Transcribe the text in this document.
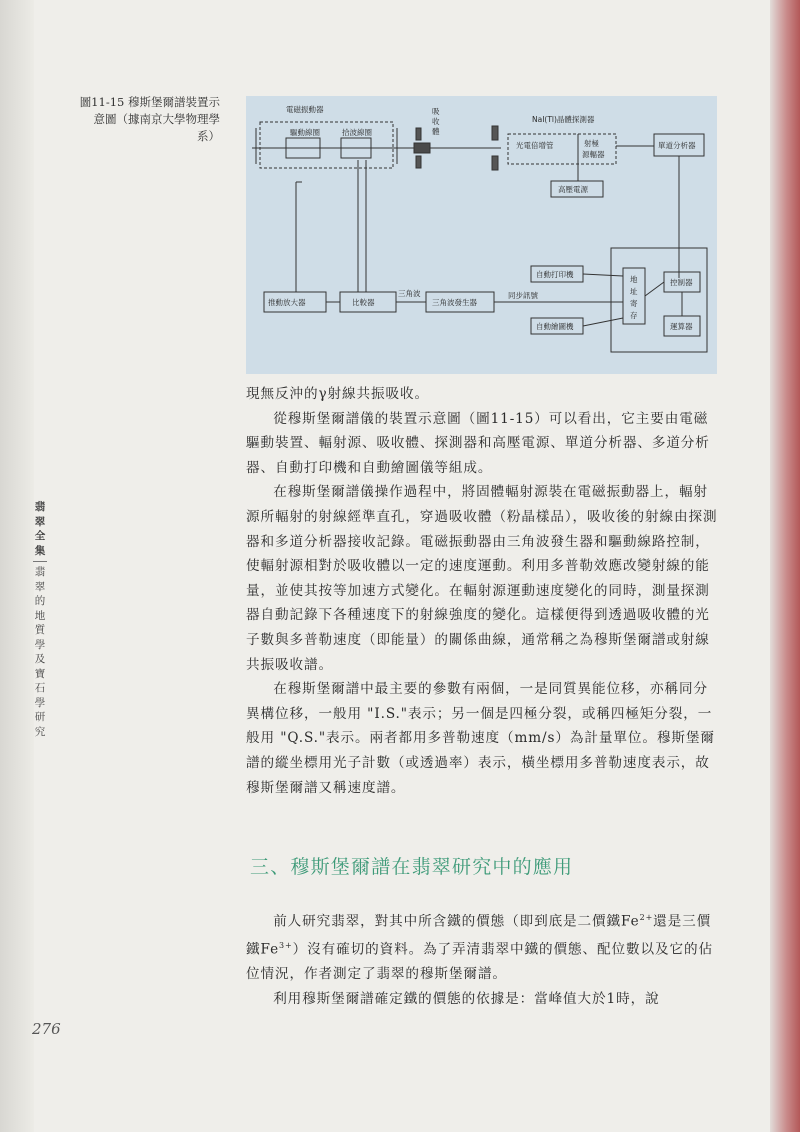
圖11-15 穆斯堡爾譜裝置示
意圖（據南京大學物理學
系）
電磁振動器
驅動線圈	拾波線圈
吸
收
體
NaI(Tl)晶體探測器
光電倍增管	射極
源輻器
單道分析器
高壓電源
自動打印機
地
址
寄
存
控制器
運算器
自動繪圖機
推動放大器	比較器
三角波
三角波發生器
同步訊號

現無反沖的γ射線共振吸收。

從穆斯堡爾譜儀的裝置示意圖（圖11-15）可以看出，它主要由電磁驅動裝置、輻射源、吸收體、探測器和高壓電源、單道分析器、多道分析器、自動打印機和自動繪圖儀等組成。

在穆斯堡爾譜儀操作過程中，將固體輻射源裝在電磁振動器上，輻射源所輻射的射線經準直孔，穿過吸收體（粉晶樣品），吸收後的射線由探測器和多道分析器接收記錄。電磁振動器由三角波發生器和驅動線路控制，使輻射源相對於吸收體以一定的速度運動。利用多普勒效應改變射線的能量，並使其按等加速方式變化。在輻射源運動速度變化的同時，測量探測器自動記錄下各種速度下的射線強度的變化。這樣便得到透過吸收體的光子數與多普勒速度（即能量）的關係曲線，通常稱之為穆斯堡爾譜或射線共振吸收譜。

在穆斯堡爾譜中最主要的參數有兩個，一是同質異能位移，亦稱同分異構位移，一般用 "I.S."表示；另一個是四極分裂，或稱四極矩分裂，一般用 "Q.S."表示。兩者都用多普勒速度（mm/s）為計量單位。穆斯堡爾譜的縱坐標用光子計數（或透過率）表示，橫坐標用多普勒速度表示，故穆斯堡爾譜又稱速度譜。

三、穆斯堡爾譜在翡翠研究中的應用

前人研究翡翠，對其中所含鐵的價態（即到底是二價鐵$Fe^{2+}$還是三價鐵$Fe^{3+}$）沒有確切的資料。為了弄清翡翠中鐵的價態、配位數以及它的佔位情況，作者測定了翡翠的穆斯堡爾譜。

利用穆斯堡爾譜確定鐵的價態的依據是：當峰值大於1時，說

翡
翠
全
集
翡
翠
的
地
質
學
及
寶
石
學
研
究
276
